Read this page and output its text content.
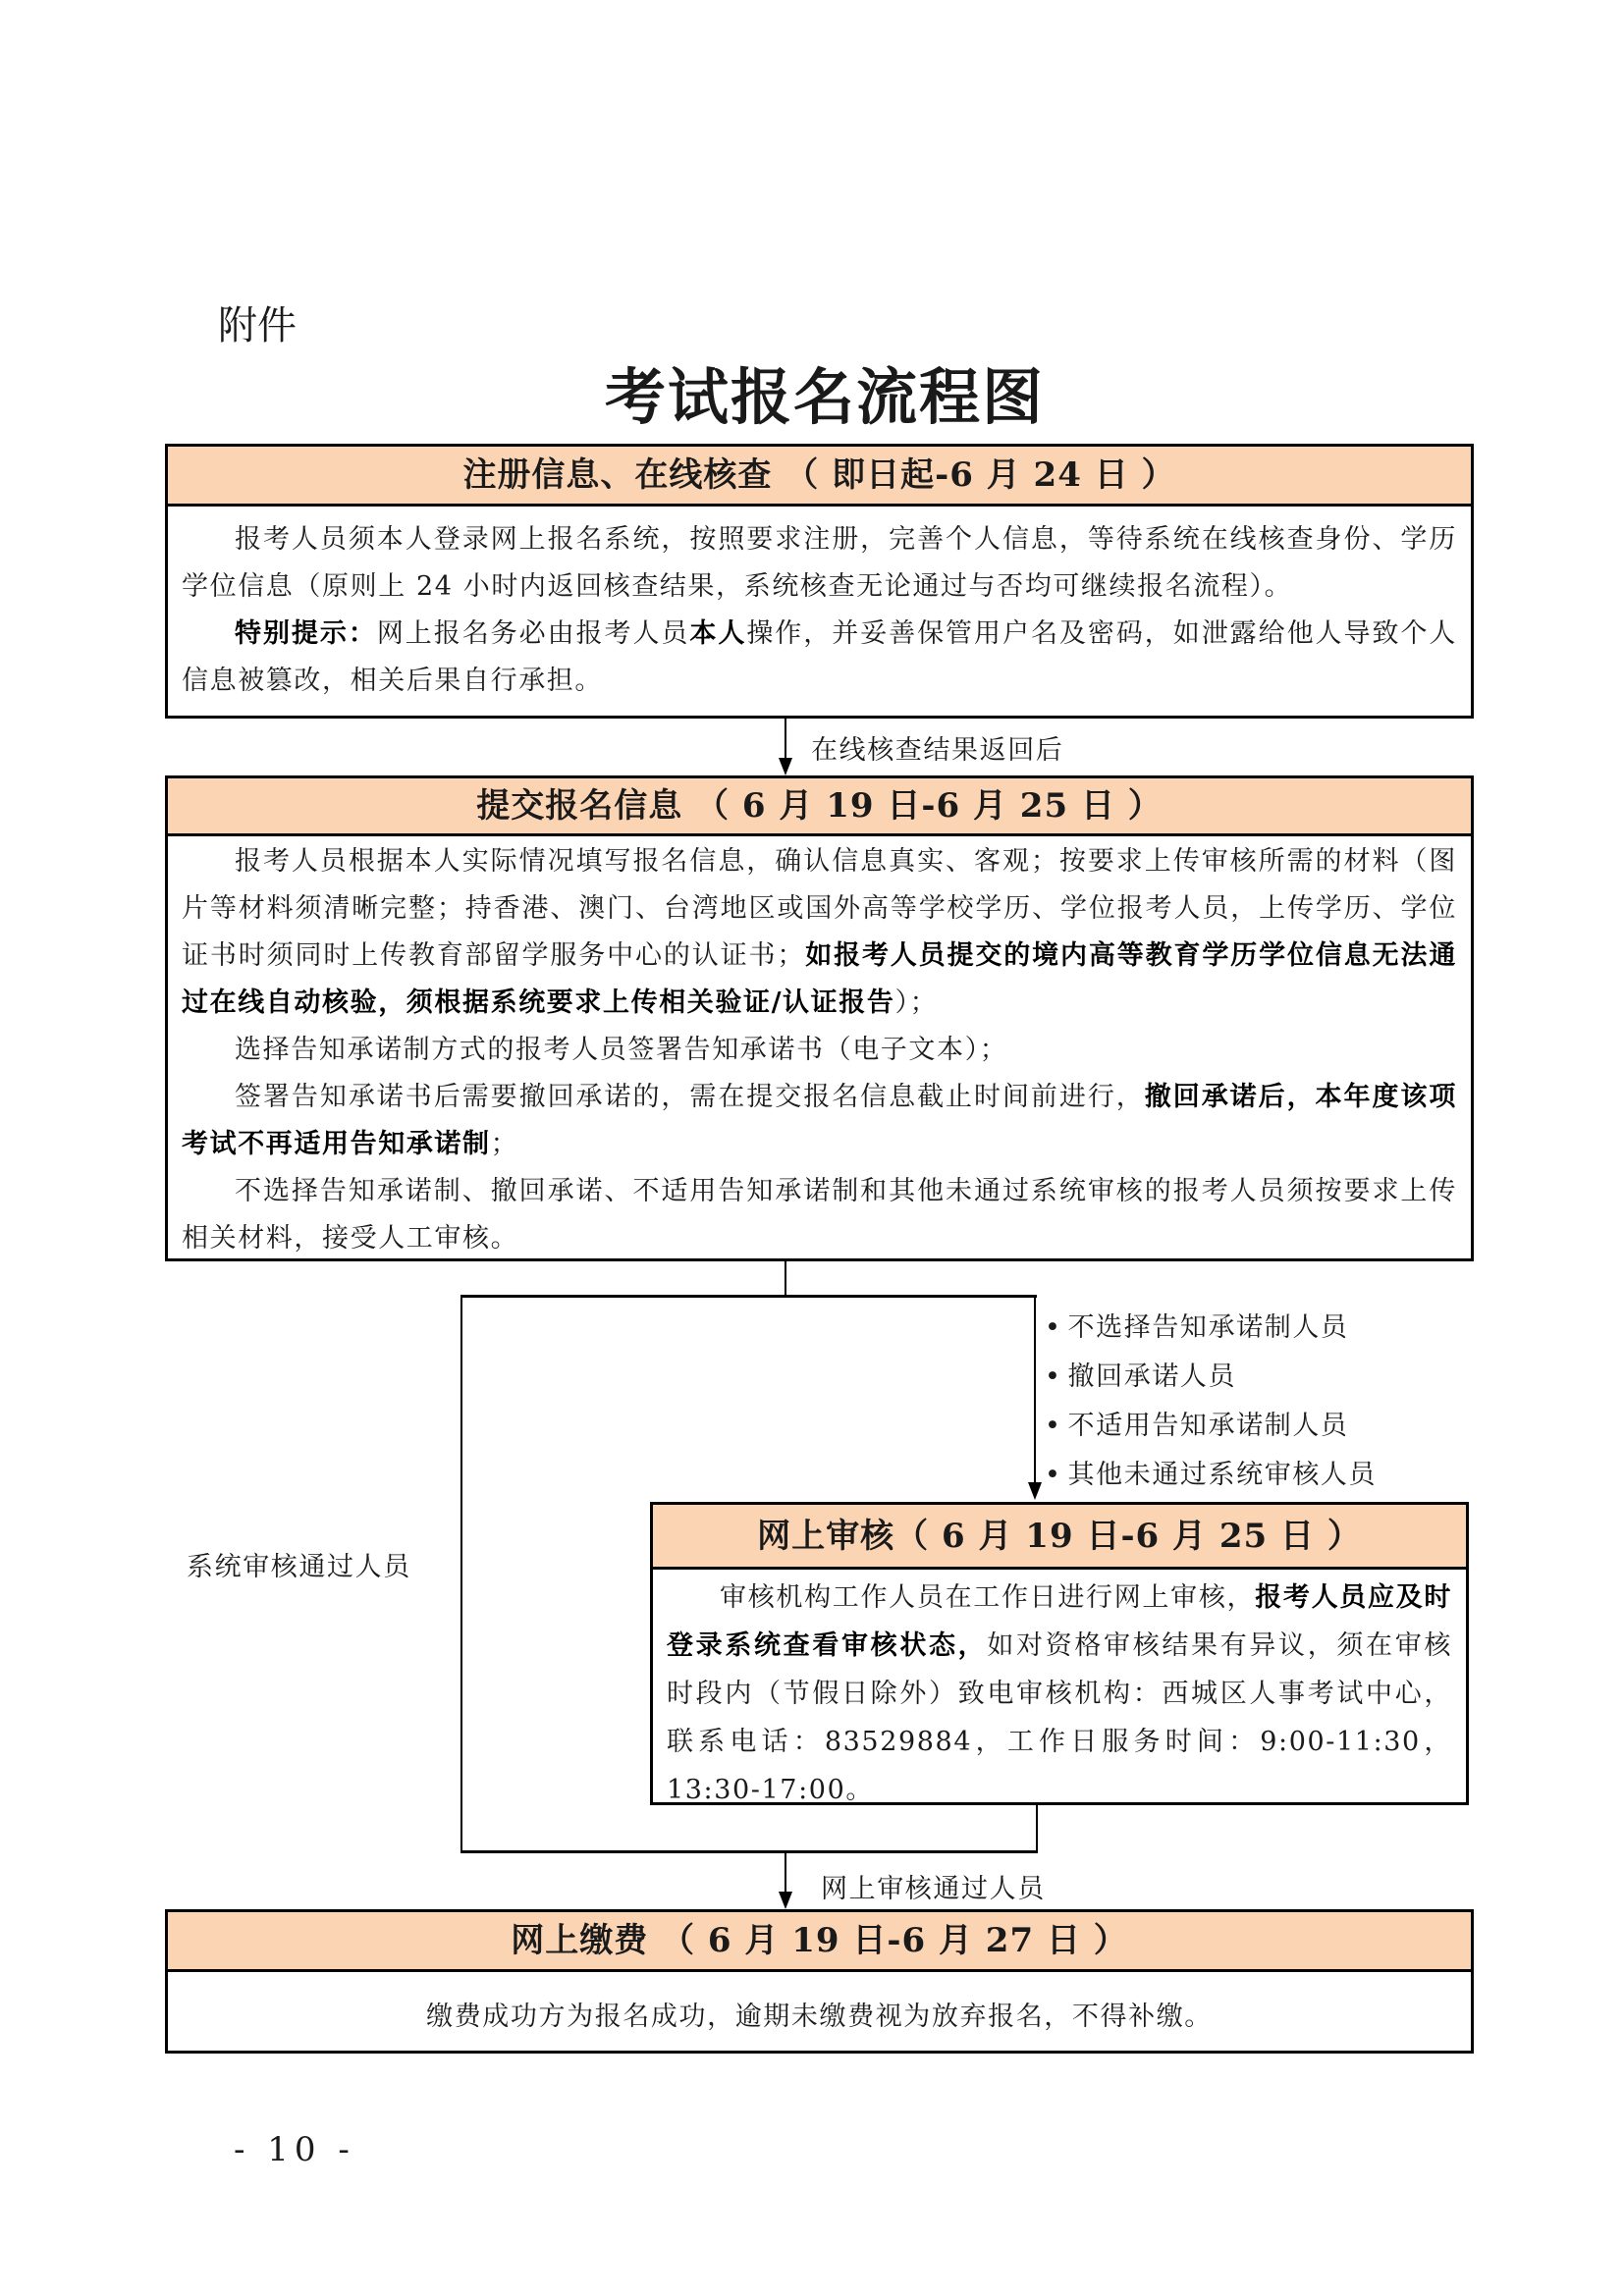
附件
考试报名流程图
注册信息、在线核查 （ 即日起-6 月 24 日 ）

报考人员须本人登录网上报名系统，按照要求注册，完善个人信息，等待系统在线核查身份、学历学位信息（原则上 24 小时内返回核查结果，系统核查无论通过与否均可继续报名流程）。

特别提示：网上报名务必由报考人员本人操作，并妥善保管用户名及密码，如泄露给他人导致个人信息被篡改，相关后果自行承担。

在线核查结果返回后
提交报名信息 （ 6 月 19 日-6 月 25 日 ）

报考人员根据本人实际情况填写报名信息，确认信息真实、客观；按要求上传审核所需的材料（图片等材料须清晰完整；持香港、澳门、台湾地区或国外高等学校学历、学位报考人员，上传学历、学位证书时须同时上传教育部留学服务中心的认证书；如报考人员提交的境内高等教育学历学位信息无法通过在线自动核验，须根据系统要求上传相关验证/认证报告）；

选择告知承诺制方式的报考人员签署告知承诺书（电子文本）；

签署告知承诺书后需要撤回承诺的，需在提交报名信息截止时间前进行，撤回承诺后，本年度该项考试不再适用告知承诺制；

不选择告知承诺制、撤回承诺、不适用告知承诺制和其他未通过系统审核的报考人员须按要求上传相关材料，接受人工审核。

• 不选择告知承诺制人员
• 撤回承诺人员
• 不适用告知承诺制人员
• 其他未通过系统审核人员
系统审核通过人员
网上审核（ 6 月 19 日-6 月 25 日 ）

审核机构工作人员在工作日进行网上审核，报考人员应及时登录系统查看审核状态，如对资格审核结果有异议，须在审核时段内（节假日除外）致电审核机构：西城区人事考试中心，联系电话：83529884，工作日服务时间：9:00-11:30，13:30-17:00。

网上审核通过人员
网上缴费 （ 6 月 19 日-6 月 27 日 ）

缴费成功方为报名成功，逾期未缴费视为放弃报名，不得补缴。

- 10 -
